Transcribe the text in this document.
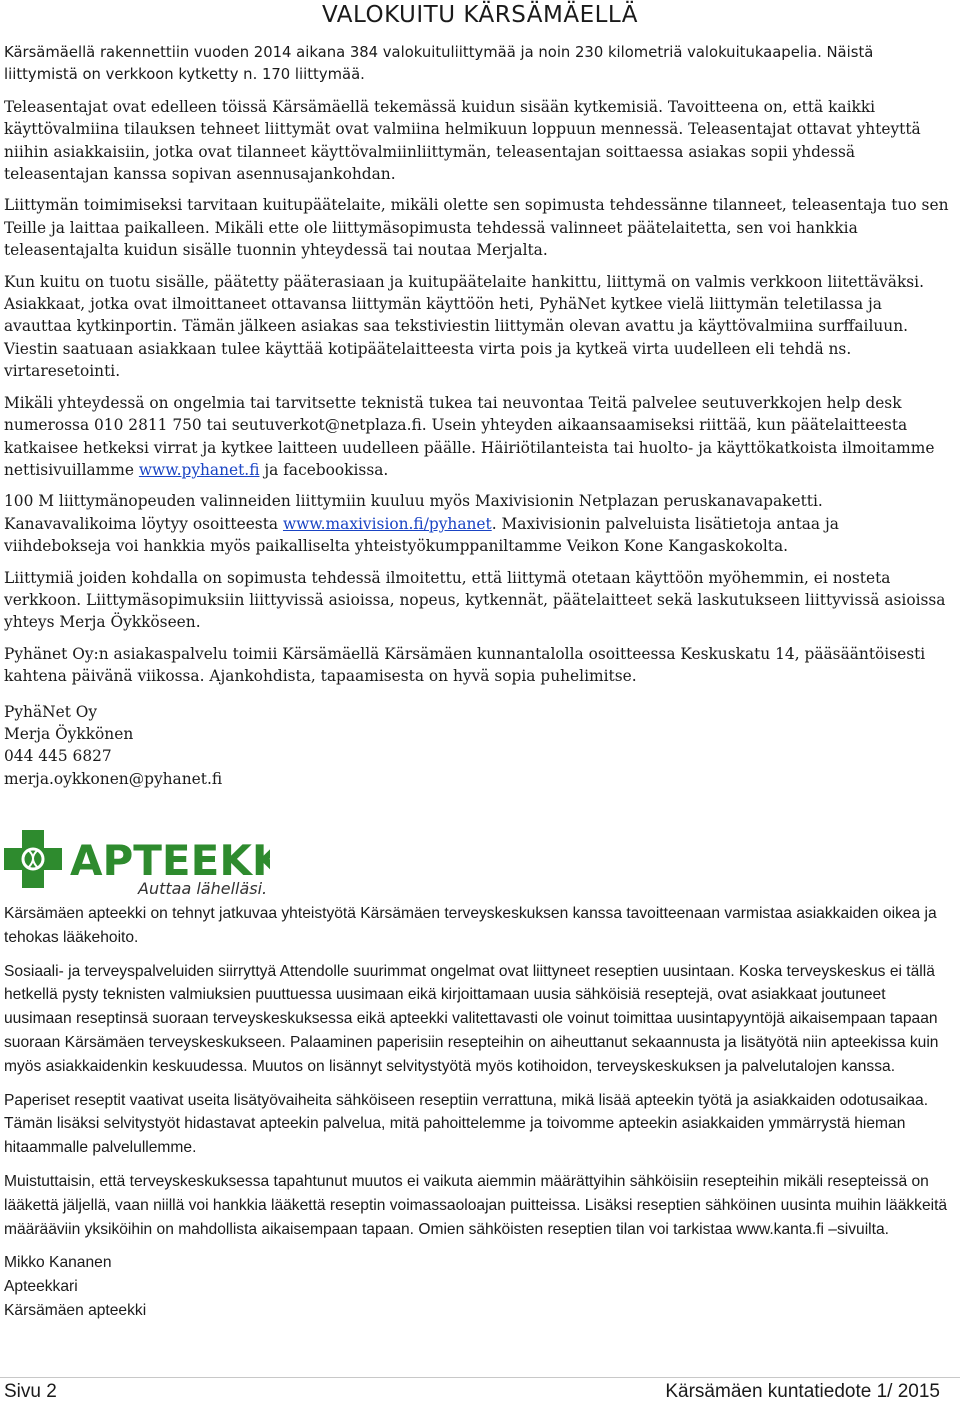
VALOKUITU KÄRSÄMÄELLÄ

Kärsämäellä rakennettiin vuoden 2014 aikana 384 valokuituliittymää ja noin 230 kilometriä valokuitukaapelia. Näistä liittymistä on verkkoon kytketty n. 170 liittymää.

Teleasentajat ovat edelleen töissä Kärsämäellä tekemässä kuidun sisään kytkemisiä. Tavoitteena on, että kaikki käyttövalmiina tilauksen tehneet liittymät ovat valmiina helmikuun loppuun mennessä. Teleasentajat ottavat yhteyttä niihin asiakkaisiin, jotka ovat tilanneet käyttövalmiinliittymän, teleasentajan soittaessa asiakas sopii yhdessä teleasentajan kanssa sopivan asennusajankohdan.

Liittymän toimimiseksi tarvitaan kuitupäätelaite, mikäli olette sen sopimusta tehdessänne tilanneet, teleasentaja tuo sen Teille ja laittaa paikalleen. Mikäli ette ole liittymäsopimusta tehdessä valinneet päätelaitetta, sen voi hankkia teleasentajalta kuidun sisälle tuonnin yhteydessä tai noutaa Merjalta.

Kun kuitu on tuotu sisälle, päätetty pääterasiaan ja kuitupäätelaite hankittu, liittymä on valmis verkkoon liitettäväksi. Asiakkaat, jotka ovat ilmoittaneet ottavansa liittymän käyttöön heti, PyhäNet kytkee vielä liittymän teletilassa ja avauttaa kytkinportin. Tämän jälkeen asiakas saa tekstiviestin liittymän olevan avattu ja käyttövalmiina surffailuun. Viestin saatuaan asiakkaan tulee käyttää kotipäätelaitteesta virta pois ja kytkeä virta uudelleen eli tehdä ns. virtaresetointi.

Mikäli yhteydessä on ongelmia tai tarvitsette teknistä tukea tai neuvontaa Teitä palvelee seutuverkkojen help desk numerossa 010 2811 750 tai seutuverkot@netplaza.fi. Usein yhteyden aikaansaamiseksi riittää, kun päätelaitteesta katkaisee hetkeksi virrat ja kytkee laitteen uudelleen päälle. Häiriötilanteista tai huolto- ja käyttökatkoista ilmoitamme nettisivuillamme www.pyhanet.fi ja facebookissa.

100 M liittymänopeuden valinneiden liittymiin kuuluu myös Maxivisionin Netplazan peruskanavapaketti. Kanavavalikoima löytyy osoitteesta www.maxivision.fi/pyhanet. Maxivisionin palveluista lisätietoja antaa ja viihdebokseja voi hankkia myös paikalliselta yhteistyökumppaniltamme Veikon Kone Kangaskokolta.

Liittymiä joiden kohdalla on sopimusta tehdessä ilmoitettu, että liittymä otetaan käyttöön myöhemmin, ei nosteta verkkoon. Liittymäsopimuksiin liittyvissä asioissa, nopeus, kytkennät, päätelaitteet sekä laskutukseen liittyvissä asioissa yhteys Merja Öykköseen.

Pyhänet Oy:n asiakaspalvelu toimii Kärsämäellä Kärsämäen kunnantalolla osoitteessa Keskuskatu 14, pääsääntöisesti kahtena päivänä viikossa. Ajankohdista, tapaamisesta on hyvä sopia puhelimitse.

PyhäNet Oy
Merja Öykkönen
044 445 6827
merja.oykkonen@pyhanet.fi
APTEEKK
Auttaa lähelläsi.

Kärsämäen apteekki on tehnyt jatkuvaa yhteistyötä Kärsämäen terveyskeskuksen kanssa tavoitteenaan varmistaa asiakkaiden oikea ja tehokas lääkehoito.

Sosiaali- ja terveyspalveluiden siirryttyä Attendolle suurimmat ongelmat ovat liittyneet reseptien uusintaan. Koska terveyskeskus ei tällä hetkellä pysty teknisten valmiuksien puuttuessa uusimaan eikä kirjoittamaan uusia sähköisiä reseptejä, ovat asiakkaat joutuneet uusimaan reseptinsä suoraan terveyskeskuksessa eikä apteekki valitettavasti ole voinut toimittaa uusintapyyntöjä aikaisempaan tapaan suoraan Kärsämäen terveyskeskukseen. Palaaminen paperisiin resepteihin on aiheuttanut sekaannusta ja lisätyötä niin apteekissa kuin myös asiakkaidenkin keskuudessa. Muutos on lisännyt selvitystyötä myös kotihoidon, terveyskeskuksen ja palvelutalojen kanssa.

Paperiset reseptit vaativat useita lisätyövaiheita sähköiseen reseptiin verrattuna, mikä lisää apteekin työtä ja asiakkaiden odotusaikaa. Tämän lisäksi selvitystyöt hidastavat apteekin palvelua, mitä pahoittelemme ja toivomme apteekin asiakkaiden ymmärrystä hieman hitaammalle palvelullemme.

Muistuttaisin, että terveyskeskuksessa tapahtunut muutos ei vaikuta aiemmin määrättyihin sähköisiin resepteihin mikäli resepteissä on lääkettä jäljellä, vaan niillä voi hankkia lääkettä reseptin voimassaoloajan puitteissa. Lisäksi reseptien sähköinen uusinta muihin lääkkeitä määrääviin yksiköihin on mahdollista aikaisempaan tapaan. Omien sähköisten reseptien tilan voi tarkistaa www.kanta.fi –sivuilta.

Mikko Kananen
Apteekkari
Kärsämäen apteekki
Sivu 2	Kärsämäen kuntatiedote 1/ 2015
